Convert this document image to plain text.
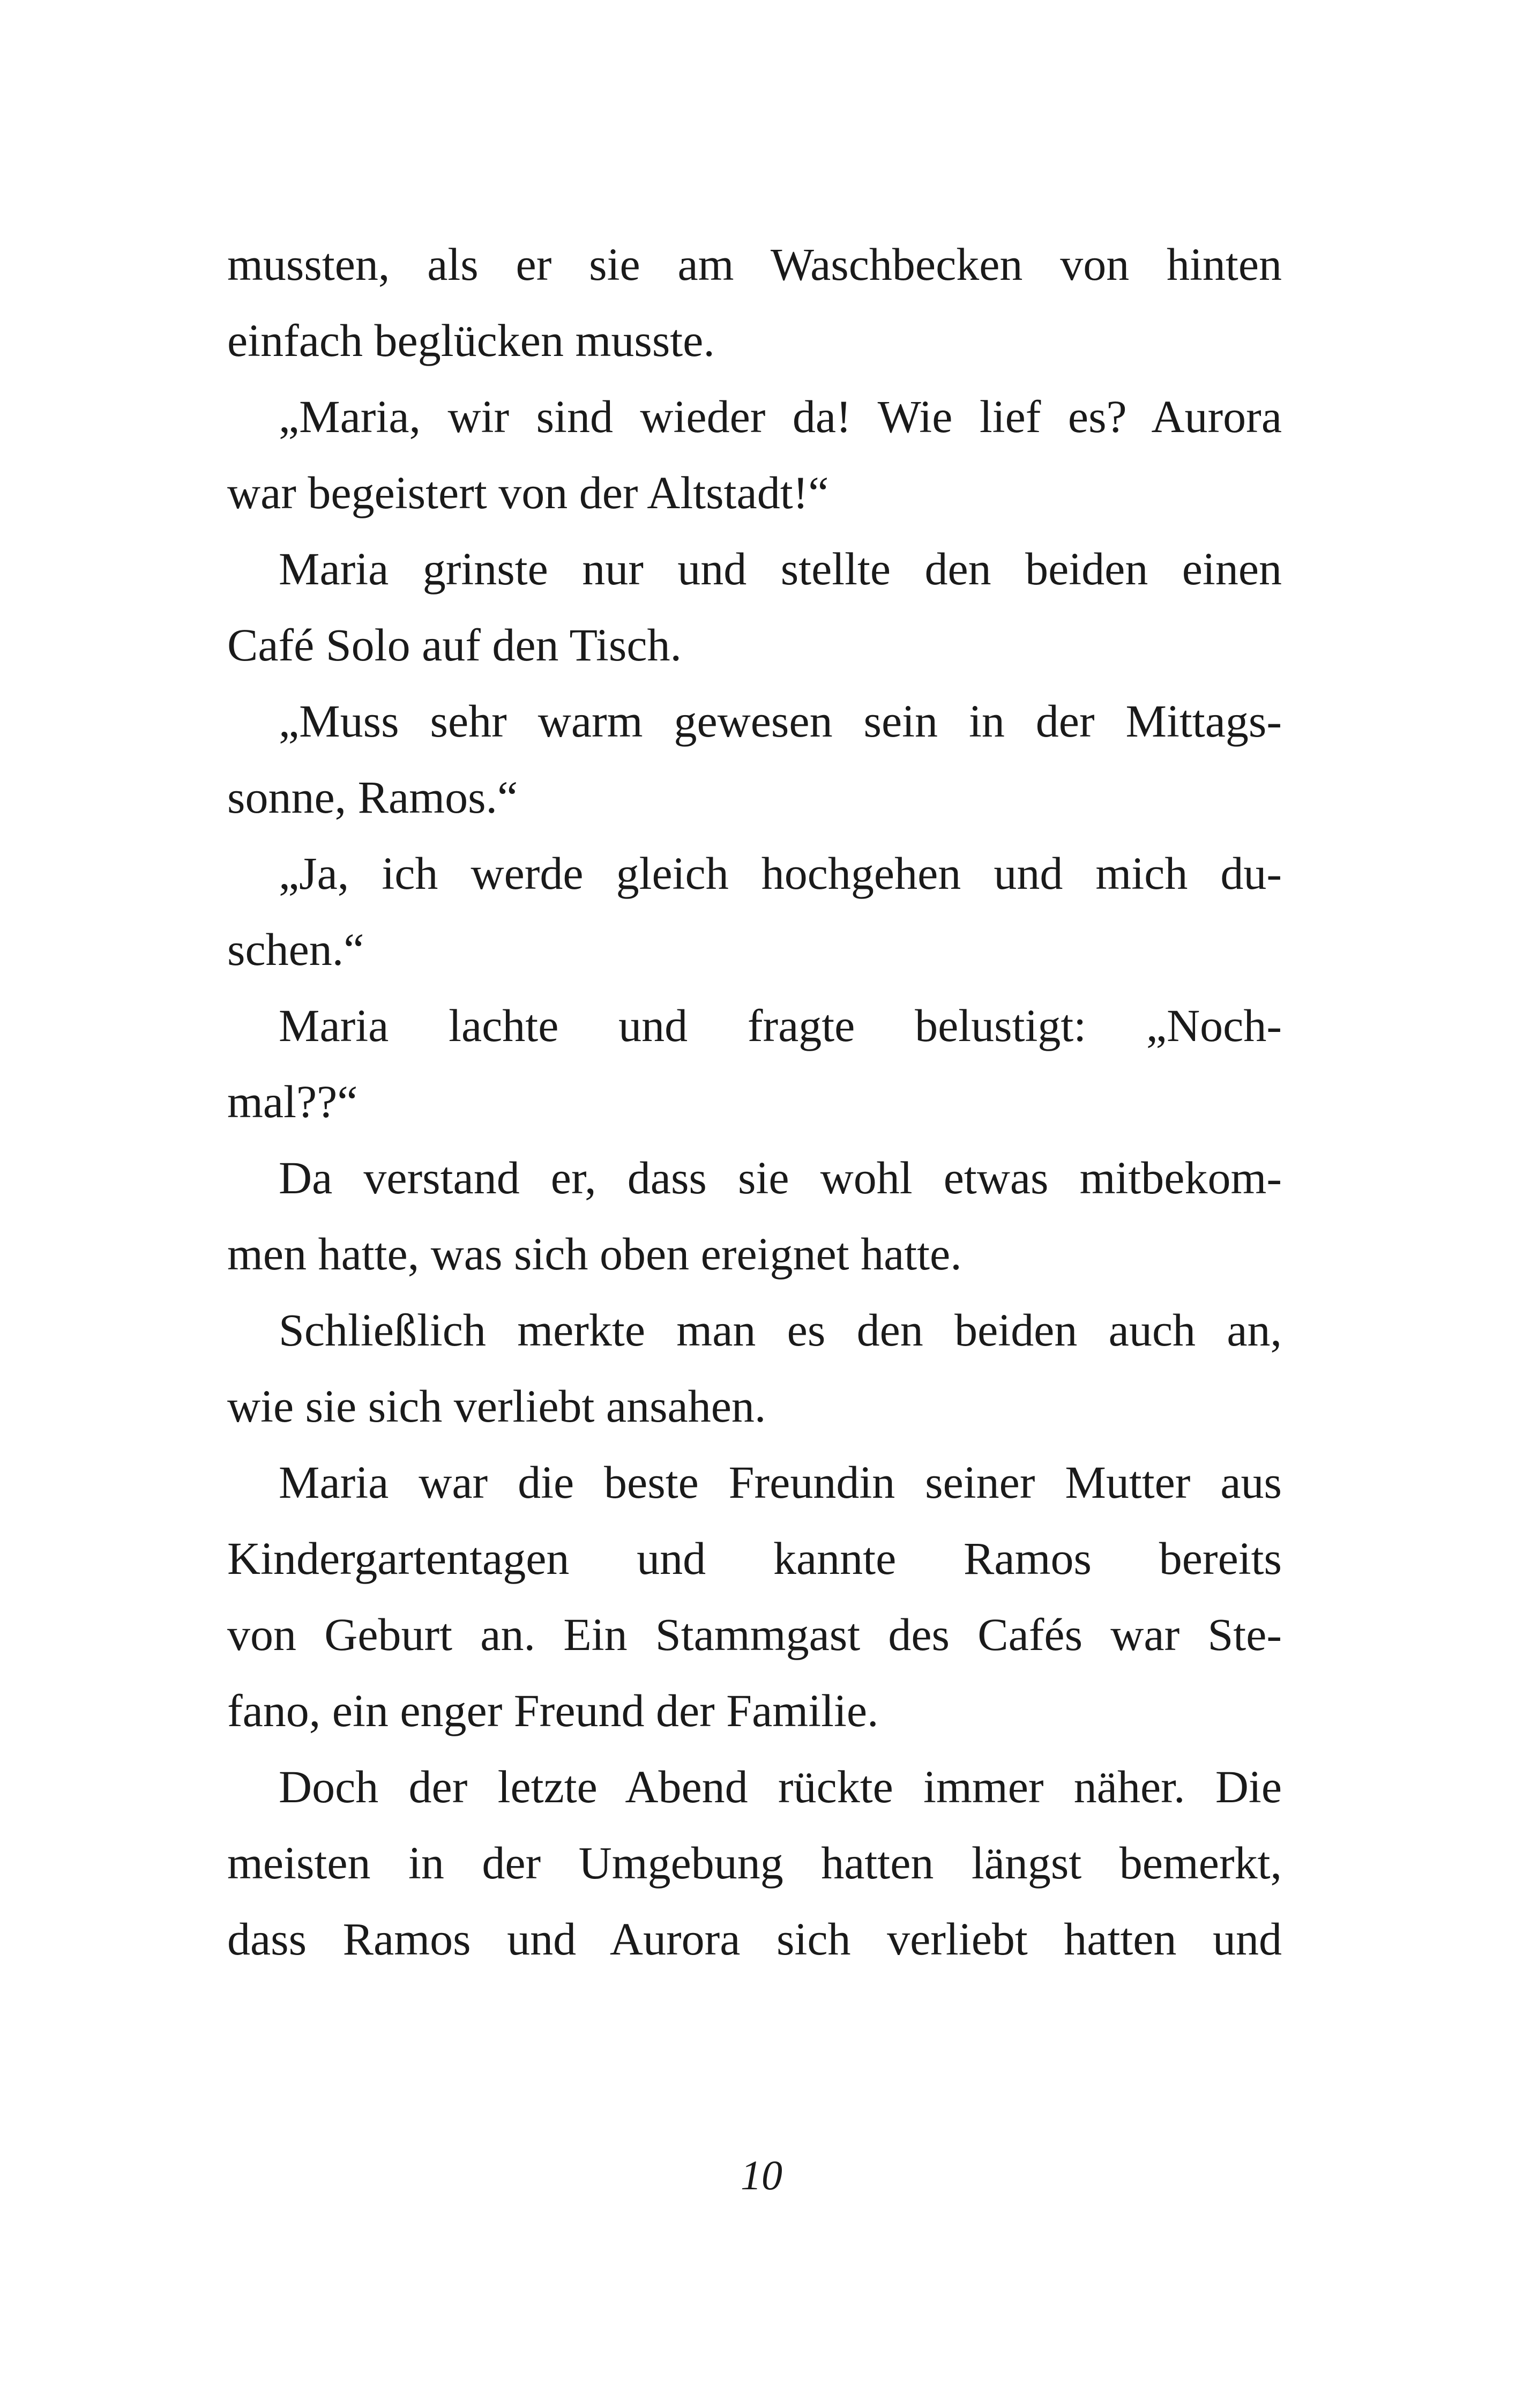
mussten, als er sie am Waschbecken von hinten
einfach beglücken musste.
„Maria, wir sind wieder da! Wie lief es? Aurora
war begeistert von der Altstadt!“
Maria grinste nur und stellte den beiden einen
Café Solo auf den Tisch.
„Muss sehr warm gewesen sein in der Mittags-
sonne, Ramos.“
„Ja, ich werde gleich hochgehen und mich du-
schen.“
Maria lachte und fragte belustigt: „Noch-
mal??“
Da verstand er, dass sie wohl etwas mitbekom-
men hatte, was sich oben ereignet hatte.
Schließlich merkte man es den beiden auch an,
wie sie sich verliebt ansahen.
Maria war die beste Freundin seiner Mutter aus
Kindergartentagen und kannte Ramos bereits
von Geburt an. Ein Stammgast des Cafés war Ste-
fano, ein enger Freund der Familie.
Doch der letzte Abend rückte immer näher. Die
meisten in der Umgebung hatten längst bemerkt,
dass Ramos und Aurora sich verliebt hatten und
10
